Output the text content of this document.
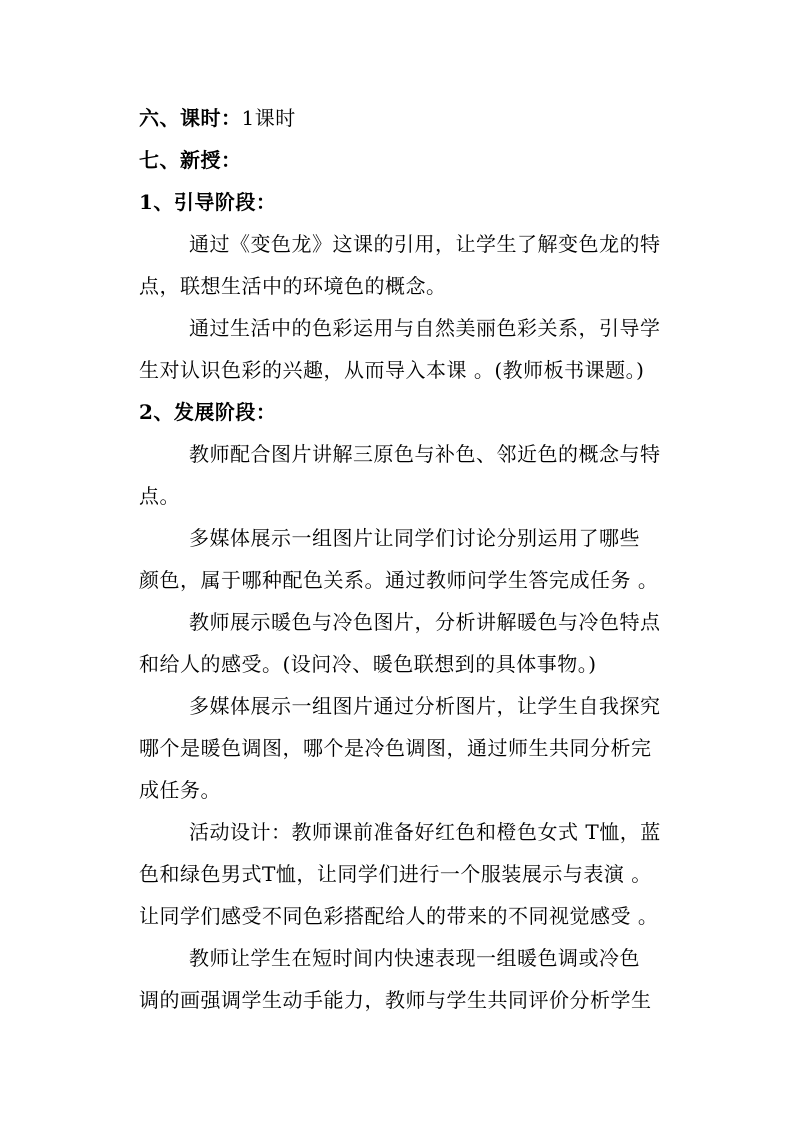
六、课时：1课时
七、新授：
1、引导阶段：
通过《变色龙》这课的引用，让学生了解变色龙的特
点，联想生活中的环境色的概念。
通过生活中的色彩运用与自然美丽色彩关系，引导学
生对认识色彩的兴趣，从而导入本课 。(教师板书课题。)
2、发展阶段：
教师配合图片讲解三原色与补色、邻近色的概念与特
点。
多媒体展示一组图片让同学们讨论分别运用了哪些
颜色，属于哪种配色关系。通过教师问学生答完成任务 。
教师展示暖色与冷色图片，分析讲解暖色与冷色特点
和给人的感受。(设问冷、暖色联想到的具体事物。)
多媒体展示一组图片通过分析图片，让学生自我探究
哪个是暖色调图，哪个是冷色调图，通过师生共同分析完
成任务。
活动设计：教师课前准备好红色和橙色女式 T恤，蓝
色和绿色男式T恤，让同学们进行一个服装展示与表演 。
让同学们感受不同色彩搭配给人的带来的不同视觉感受 。
教师让学生在短时间内快速表现一组暖色调或冷色
调的画强调学生动手能力，教师与学生共同评价分析学生
